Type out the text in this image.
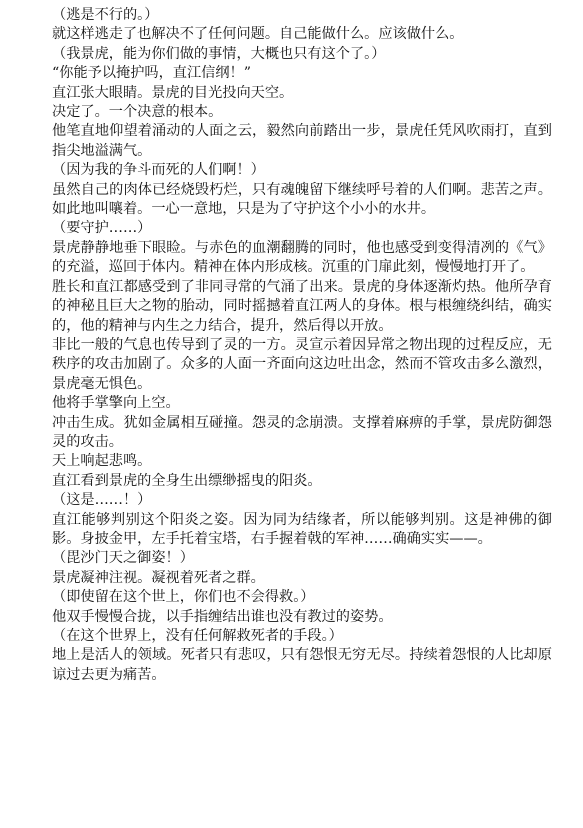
（逃是不行的。）

就这样逃走了也解决不了任何问题。自己能做什么。应该做什么。

（我景虎，能为你们做的事情，大概也只有这个了。）

“你能予以掩护吗，直江信纲！”

直江张大眼睛。景虎的目光投向天空。

决定了。一个决意的根本。

他笔直地仰望着涌动的人面之云，毅然向前踏出一步，景虎任凭风吹雨打，直到指尖地溢满气。

（因为我的争斗而死的人们啊！）

虽然自己的肉体已经烧毁朽烂，只有魂魄留下继续呼号着的人们啊。悲苦之声。如此地叫嚷着。一心一意地，只是为了守护这个小小的水井。

（要守护……）

景虎静静地垂下眼睑。与赤色的血潮翻腾的同时，他也感受到变得清冽的《气》的充溢，巡回于体内。精神在体内形成核。沉重的门扉此刻，慢慢地打开了。

胜长和直江都感受到了非同寻常的气涌了出来。景虎的身体逐渐灼热。他所孕育的神秘且巨大之物的胎动，同时摇撼着直江两人的身体。根与根缠绕纠结，确实的，他的精神与内生之力结合，提升，然后得以开放。

非比一般的气息也传导到了灵的一方。灵宣示着因异常之物出现的过程反应，无秩序的攻击加剧了。众多的人面一齐面向这边吐出念，然而不管攻击多么激烈，景虎毫无惧色。

他将手掌擎向上空。

冲击生成。犹如金属相互碰撞。怨灵的念崩溃。支撑着麻痹的手掌，景虎防御怨灵的攻击。

天上响起悲鸣。

直江看到景虎的全身生出缥缈摇曳的阳炎。

（这是……！）

直江能够判别这个阳炎之姿。因为同为结缘者，所以能够判别。这是神佛的御影。身披金甲，左手托着宝塔，右手握着戟的军神……确确实实——。

（毘沙门天之御姿！）

景虎凝神注视。凝视着死者之群。

（即使留在这个世上，你们也不会得救。）

他双手慢慢合拢，以手指缠结出谁也没有教过的姿势。

（在这个世界上，没有任何解救死者的手段。）

地上是活人的领域。死者只有悲叹，只有怨恨无穷无尽。持续着怨恨的人比却原谅过去更为痛苦。
